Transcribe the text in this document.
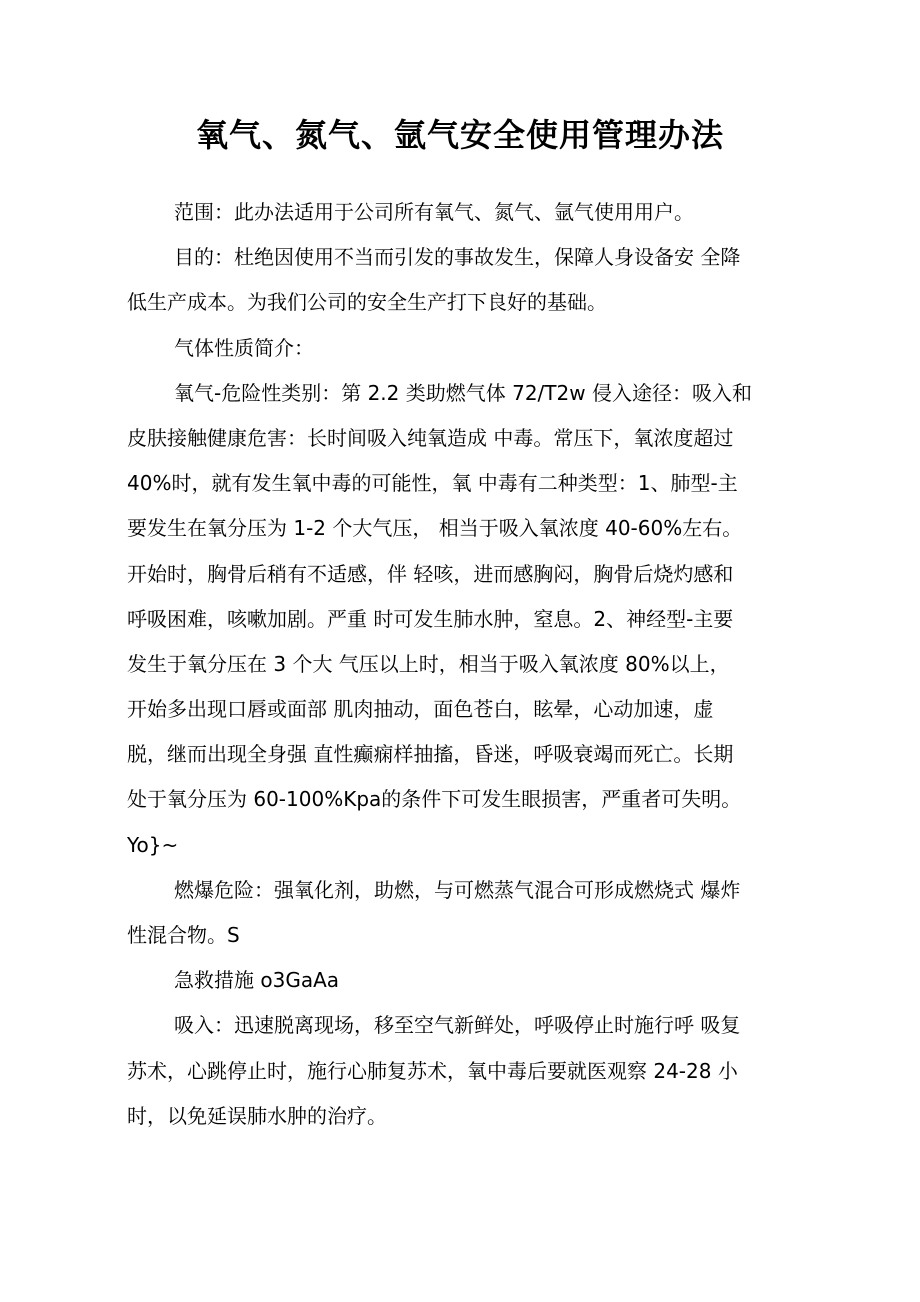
氧气、氮气、氩气安全使用管理办法
范围：此办法适用于公司所有氧气、氮气、氩气使用用户。
目的：杜绝因使用不当而引发的事故发生，保障人身设备安 全降
低生产成本。为我们公司的安全生产打下良好的基础。
气体性质简介：
氧气-危险性类别：第 2.2 类助燃气体 72/T2w 侵入途径：吸入和
皮肤接触健康危害：长时间吸入纯氧造成 中毒。常压下，氧浓度超过
40%时，就有发生氧中毒的可能性，氧 中毒有二种类型：1、肺型-主
要发生在氧分压为 1-2 个大气压， 相当于吸入氧浓度 40-60%左右。
开始时，胸骨后稍有不适感，伴 轻咳，进而感胸闷，胸骨后烧灼感和
呼吸困难，咳嗽加剧。严重 时可发生肺水肿，窒息。2、神经型-主要
发生于氧分压在 3 个大 气压以上时，相当于吸入氧浓度 80%以上，
开始多出现口唇或面部 肌肉抽动，面色苍白，眩晕，心动加速，虚
脱，继而出现全身强 直性癫痫样抽搐，昏迷，呼吸衰竭而死亡。长期
处于氧分压为 60-100%Kpa的条件下可发生眼损害，严重者可失明。
Yo}~
燃爆危险：强氧化剂，助燃，与可燃蒸气混合可形成燃烧式 爆炸
性混合物。S
急救措施 o3GaAa
吸入：迅速脱离现场，移至空气新鲜处，呼吸停止时施行呼 吸复
苏术，心跳停止时，施行心肺复苏术，氧中毒后要就医观察 24-28 小
时，以免延误肺水肿的治疗。
